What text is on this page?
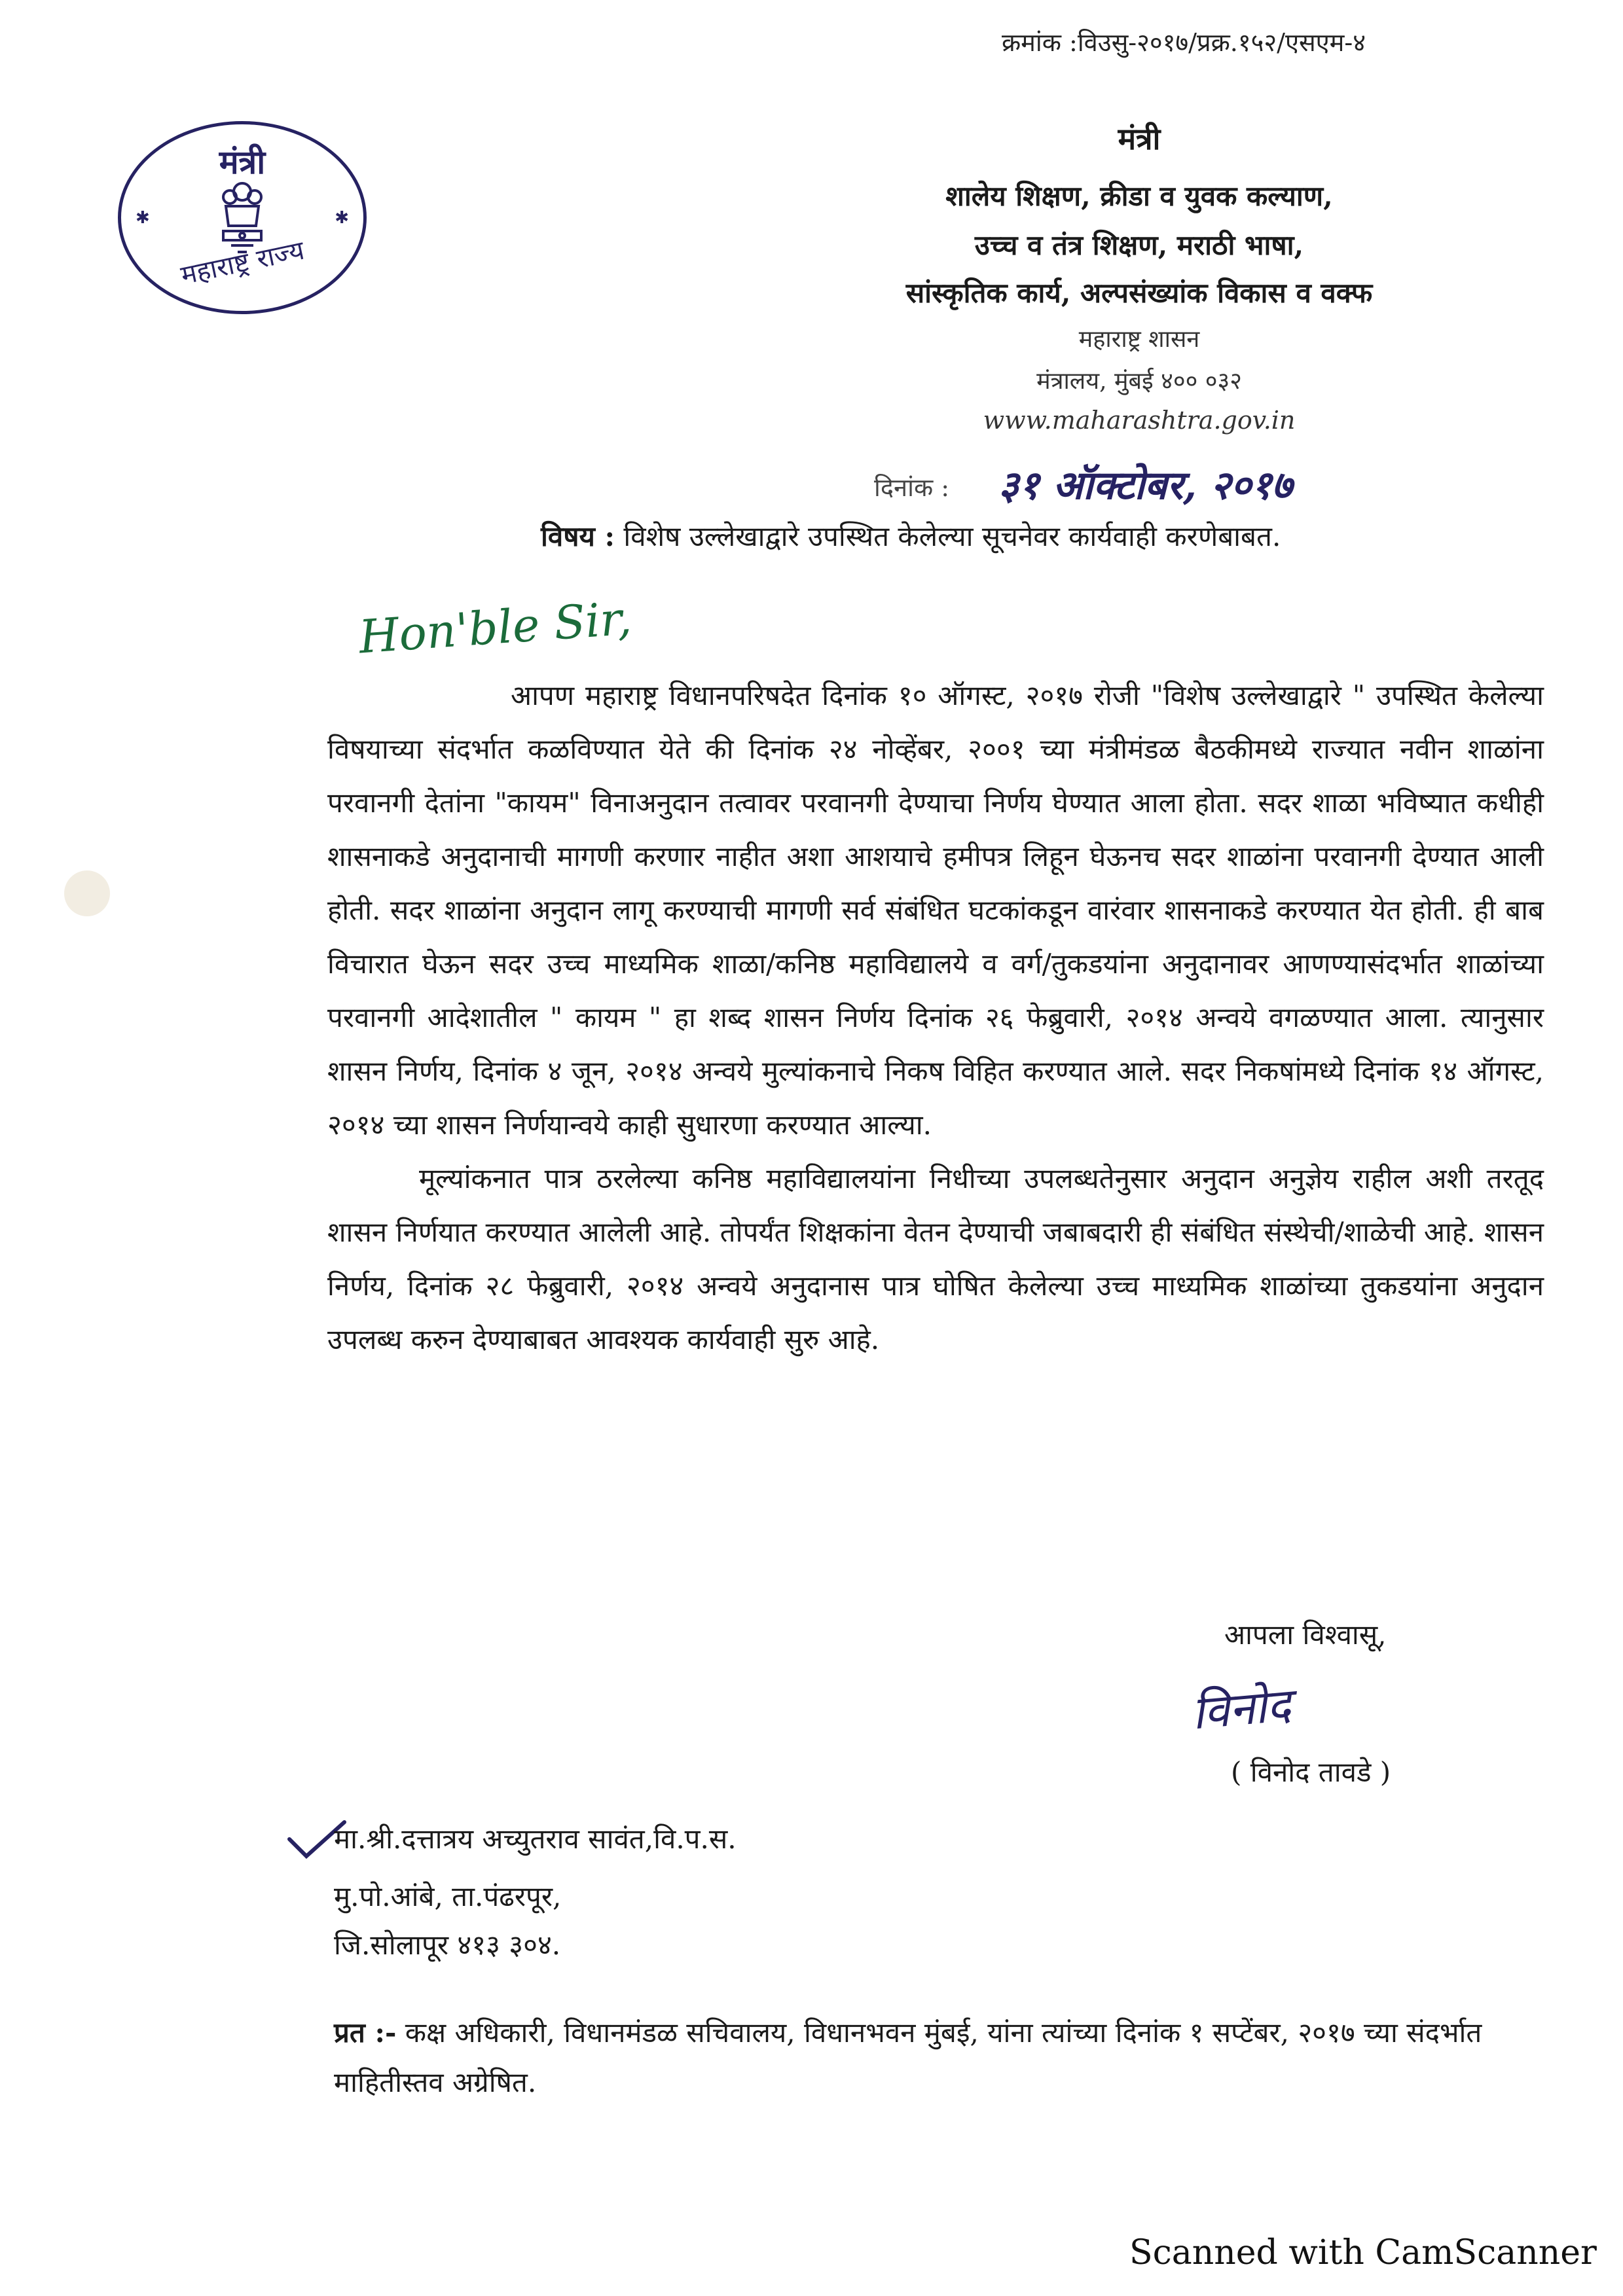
क्रमांक :विउसु-२०१७/प्रक्र.१५२/एसएम-४
मंत्री
✱	✱
महाराष्ट्र राज्य
मंत्री
शालेय शिक्षण, क्रीडा व युवक कल्याण,
उच्च व तंत्र शिक्षण, मराठी भाषा,
सांस्कृतिक कार्य, अल्पसंख्यांक विकास व वक्फ
महाराष्ट्र शासन
मंत्रालय, मुंबई ४०० ०३२
www.maharashtra.gov.in
दिनांक : ३१ ऑक्टोबर, २०१७
विषय : विशेष उल्लेखाद्वारे उपस्थित केलेल्या सूचनेवर कार्यवाही करणेबाबत.
Hon'ble Sir,

आपण महाराष्ट्र विधानपरिषदेत दिनांक १० ऑगस्ट, २०१७ रोजी "विशेष उल्लेखाद्वारे " उपस्थित केलेल्या विषयाच्या संदर्भात कळविण्यात येते की दिनांक २४ नोव्हेंबर, २००१ च्या मंत्रीमंडळ बैठकीमध्ये राज्यात नवीन शाळांना परवानगी देतांना "कायम" विनाअनुदान तत्वावर परवानगी देण्याचा निर्णय घेण्यात आला होता. सदर शाळा भविष्यात कधीही शासनाकडे अनुदानाची मागणी करणार नाहीत अशा आशयाचे हमीपत्र लिहून घेऊनच सदर शाळांना परवानगी देण्यात आली होती. सदर शाळांना अनुदान लागू करण्याची मागणी सर्व संबंधित घटकांकडून वारंवार शासनाकडे करण्यात येत होती. ही बाब विचारात घेऊन सदर उच्च माध्यमिक शाळा/कनिष्ठ महाविद्यालये व वर्ग/तुकडयांना अनुदानावर आणण्यासंदर्भात शाळांच्या परवानगी आदेशातील " कायम " हा शब्द शासन निर्णय दिनांक २६ फेब्रुवारी, २०१४ अन्वये वगळण्यात आला. त्यानुसार शासन निर्णय, दिनांक ४ जून, २०१४ अन्वये मुल्यांकनाचे निकष विहित करण्यात आले. सदर निकषांमध्ये दिनांक १४ ऑगस्ट, २०१४ च्या शासन निर्णयान्वये काही सुधारणा करण्यात आल्या.

मूल्यांकनात पात्र ठरलेल्या कनिष्ठ महाविद्यालयांना निधीच्या उपलब्धतेनुसार अनुदान अनुज्ञेय राहील अशी तरतूद शासन निर्णयात करण्यात आलेली आहे. तोपर्यंत शिक्षकांना वेतन देण्याची जबाबदारी ही संबंधित संस्थेची/शाळेची आहे. शासन निर्णय, दिनांक २८ फेब्रुवारी, २०१४ अन्वये अनुदानास पात्र घोषित केलेल्या उच्च माध्यमिक शाळांच्या तुकडयांना अनुदान उपलब्ध करुन देण्याबाबत आवश्यक कार्यवाही सुरु आहे.

आपला विश्वासू,
विनोद
( विनोद तावडे )
मा.श्री.दत्तात्रय अच्युतराव सावंत,वि.प.स.
मु.पो.आंबे, ता.पंढरपूर,
जि.सोलापूर ४१३ ३०४.
प्रत :- कक्ष अधिकारी, विधानमंडळ सचिवालय, विधानभवन मुंबई, यांना त्यांच्या दिनांक १ सप्टेंबर, २०१७ च्या संदर्भात माहितीस्तव अग्रेषित.
Scanned with CamScanner
